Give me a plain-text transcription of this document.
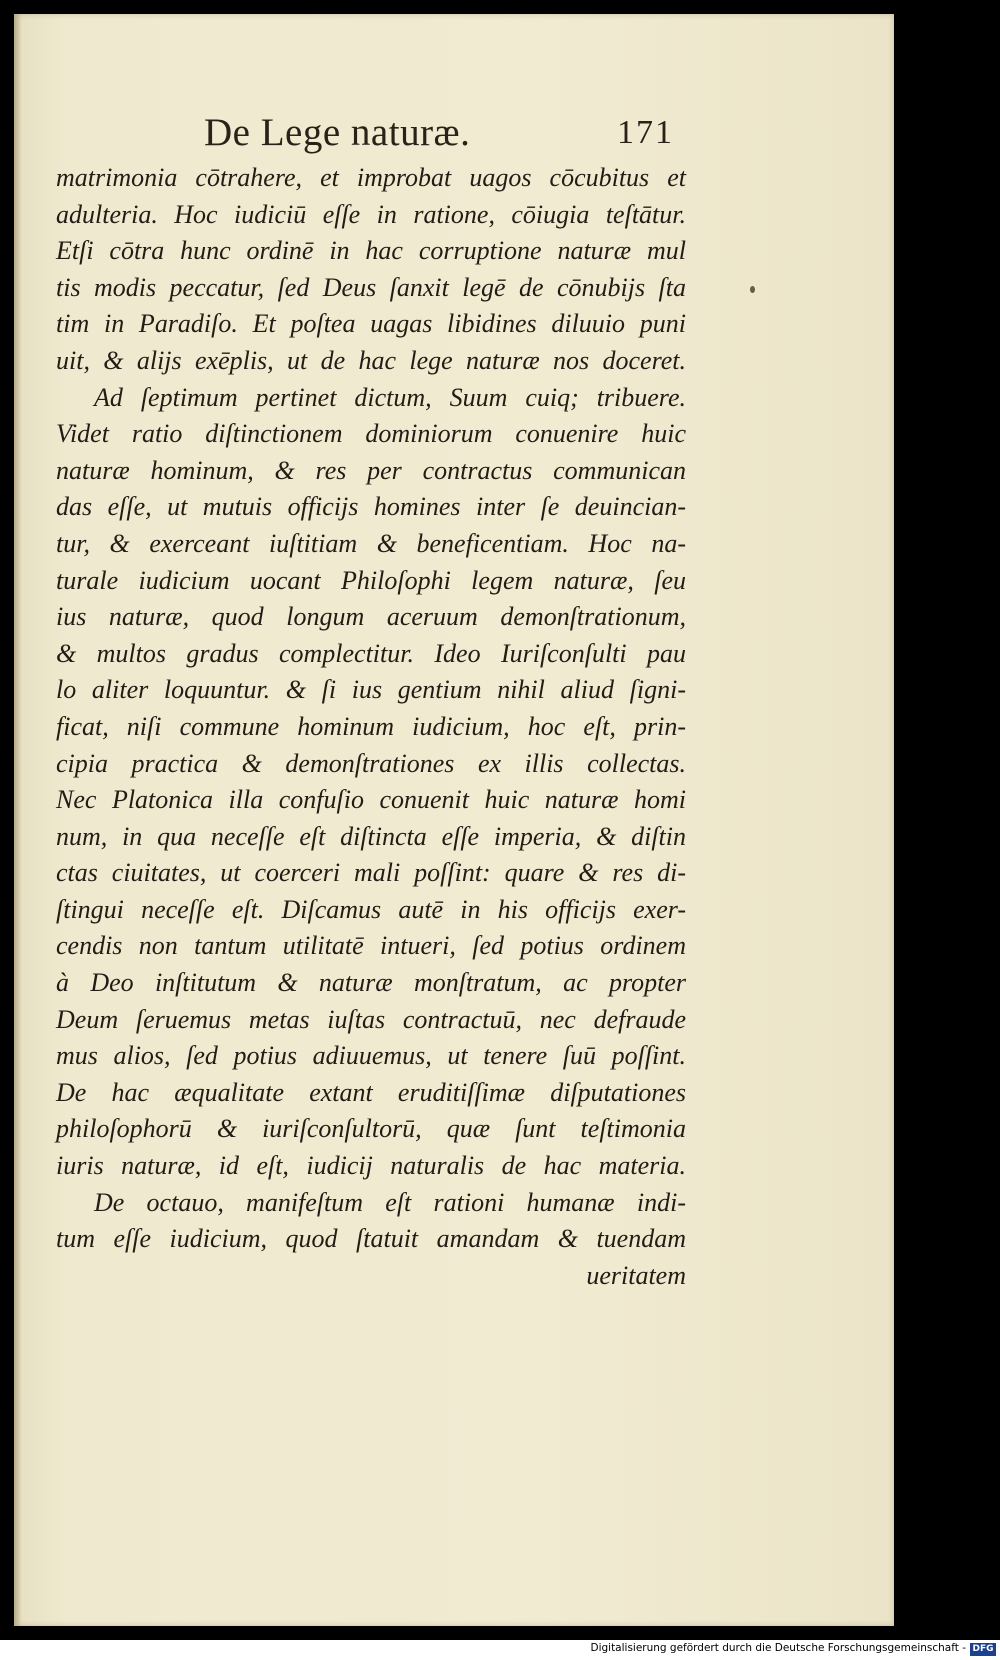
De Lege naturæ.	171
matrimonia cōtrahere, et improbat uagos cōcubitus et
adulteria. Hoc iudiciū eſſe in ratione, cōiugia teſtātur.
Etſi cōtra hunc ordinē in hac corruptione naturæ mul
tis modis peccatur, ſed Deus ſanxit legē de cōnubijs ſta
tim in Paradiſo. Et poſtea uagas libidines diluuio puni
uit, & alijs exēplis, ut de hac lege naturæ nos doceret.
Ad ſeptimum pertinet dictum, Suum cuiq; tribuere.
Videt ratio diſtinctionem dominiorum conuenire huic
naturæ hominum, & res per contractus communican
das eſſe, ut mutuis officijs homines inter ſe deuincian-
tur, & exerceant iuſtitiam & beneficentiam. Hoc na-
turale iudicium uocant Philoſophi legem naturæ, ſeu
ius naturæ, quod longum aceruum demonſtrationum,
& multos gradus complectitur. Ideo Iuriſconſulti pau
lo aliter loquuntur. & ſi ius gentium nihil aliud ſigni-
ficat, niſi commune hominum iudicium, hoc eſt, prin-
cipia practica & demonſtrationes ex illis collectas.
Nec Platonica illa confuſio conuenit huic naturæ homi
num, in qua neceſſe eſt diſtincta eſſe imperia, & diſtin
ctas ciuitates, ut coerceri mali poſſint: quare & res di-
ſtingui neceſſe eſt. Diſcamus autē in his officijs exer-
cendis non tantum utilitatē intueri, ſed potius ordinem
à Deo inſtitutum & naturæ monſtratum, ac propter
Deum ſeruemus metas iuſtas contractuū, nec defraude
mus alios, ſed potius adiuuemus, ut tenere ſuū poſſint.
De hac æqualitate extant eruditiſſimæ diſputationes
philoſophorū & iuriſconſultorū, quæ ſunt teſtimonia
iuris naturæ, id eſt, iudicij naturalis de hac materia.
De octauo, manifeſtum eſt rationi humanæ indi-
tum eſſe iudicium, quod ſtatuit amandam & tuendam
ueritatem
Digitalisierung gefördert durch die Deutsche Forschungsgemeinschaft - DFG
